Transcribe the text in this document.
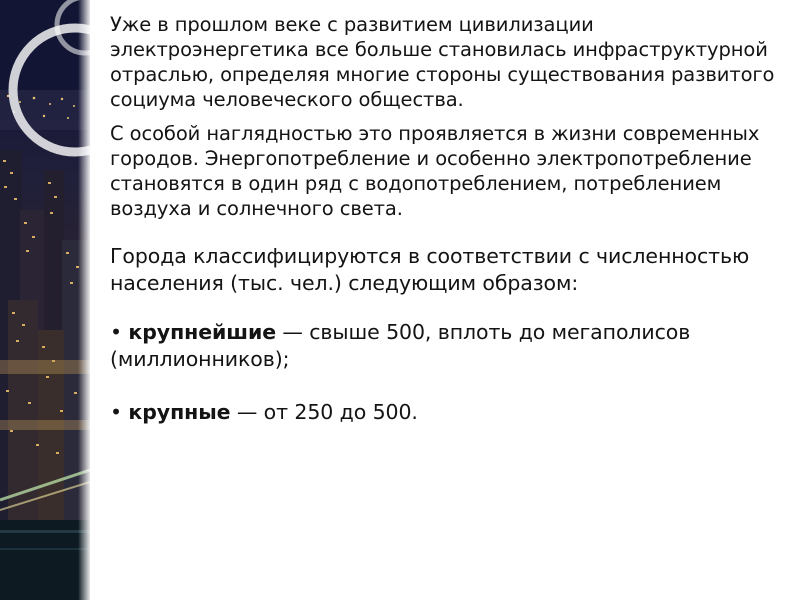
Уже в прошлом веке с развитием цивилизации электроэнергетика все больше становилась инфраструктурной отраслью, определяя многие стороны существования развитого социума человеческого общества.

С особой наглядностью это проявляется в жизни современных городов. Энергопотребление и особенно электропотребление становятся в один ряд с водопотреблением, потреблением воздуха и солнечного света.

Города классифицируются в соответствии с численностью населения (тыс. чел.) следующим образом:

• крупнейшие — свыше 500, вплоть до мегаполисов (миллионников);

• крупные — от 250 до 500.
